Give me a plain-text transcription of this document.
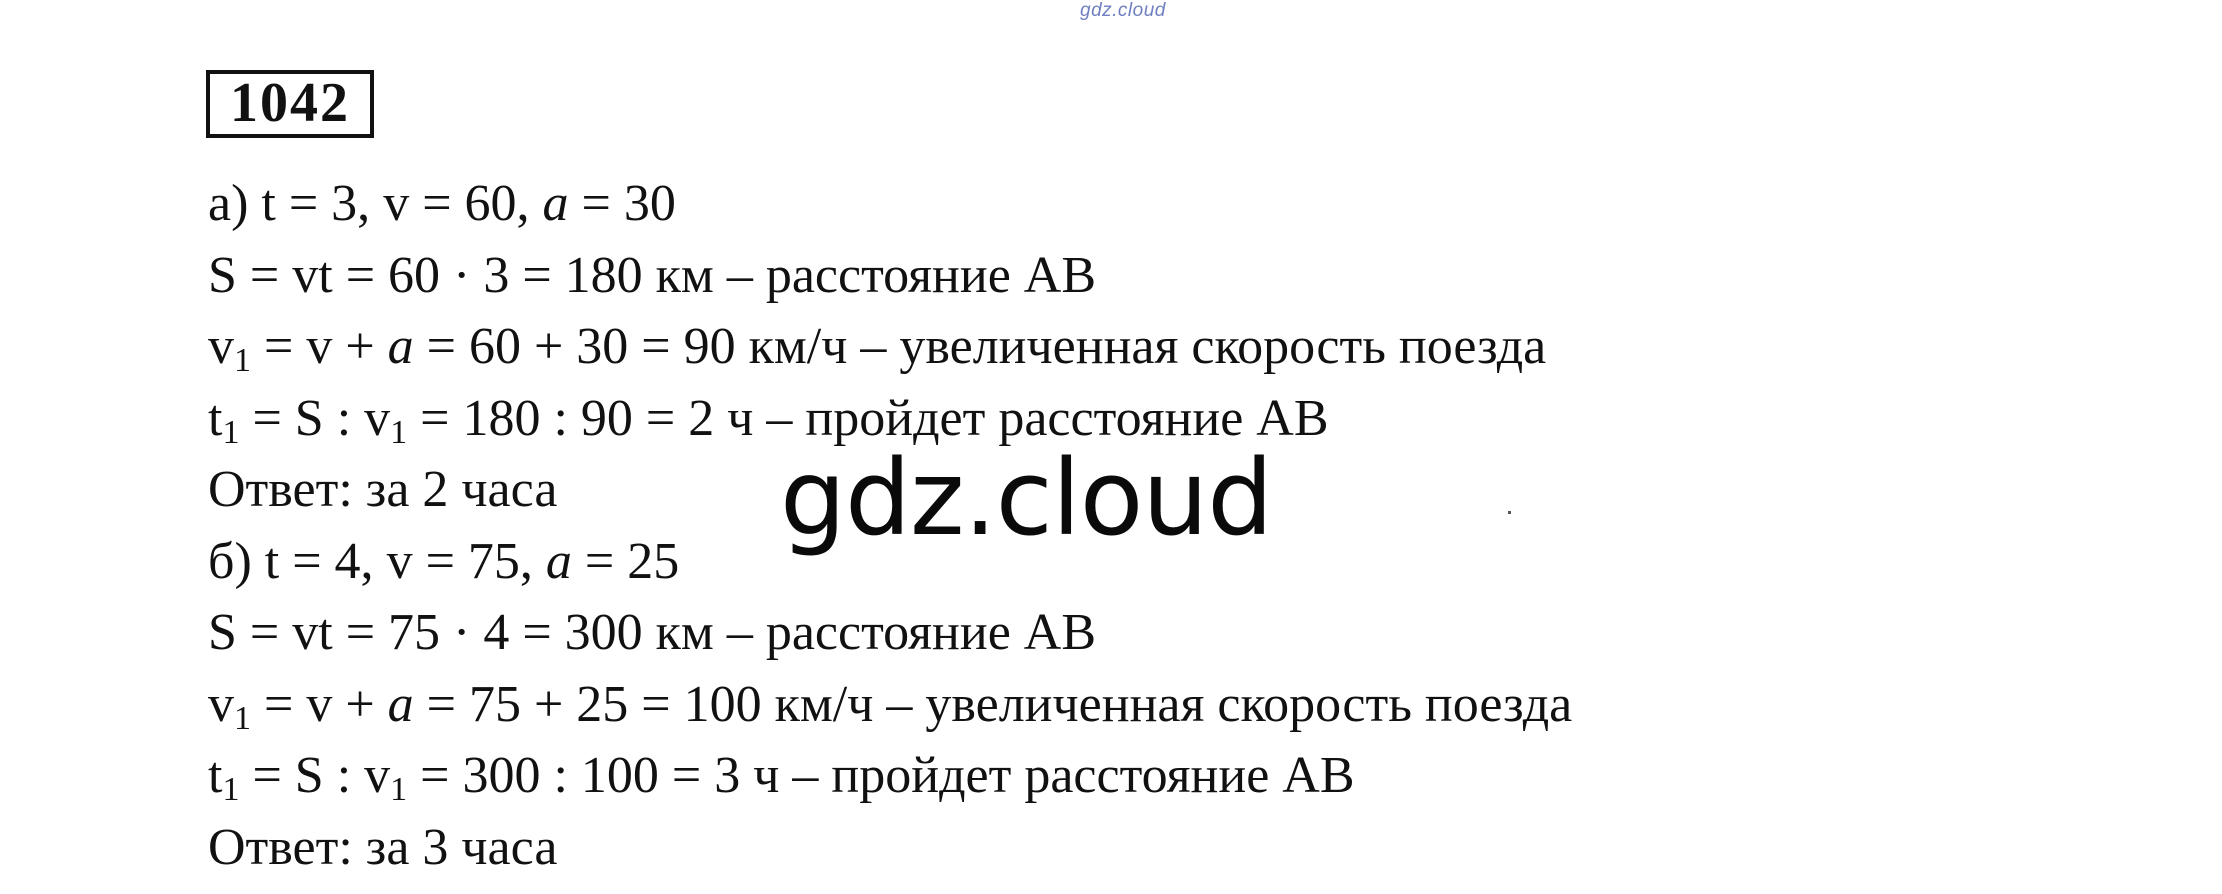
gdz.cloud
1042
а) t = 3, v = 60, a = 30
S = vt = 60 · 3 = 180 км – расстояние АВ
$v_1 = v + a = 60 + 30 = 90$ км/ч – увеличенная скорость поезда
$t_1 = S$ : $v_1 = 180$ : 90 = 2 ч – пройдет расстояние АВ
Ответ: за 2 часа
б) t = 4, v = 75, a = 25
S = vt = 75 · 4 = 300 км – расстояние АВ
$v_1 = v + a = 75 + 25 = 100$ км/ч – увеличенная скорость поезда
$t_1 = S$ : $v_1 = 300$ : 100 = 3 ч – пройдет расстояние АВ
Ответ: за 3 часа
gdz.cloud
